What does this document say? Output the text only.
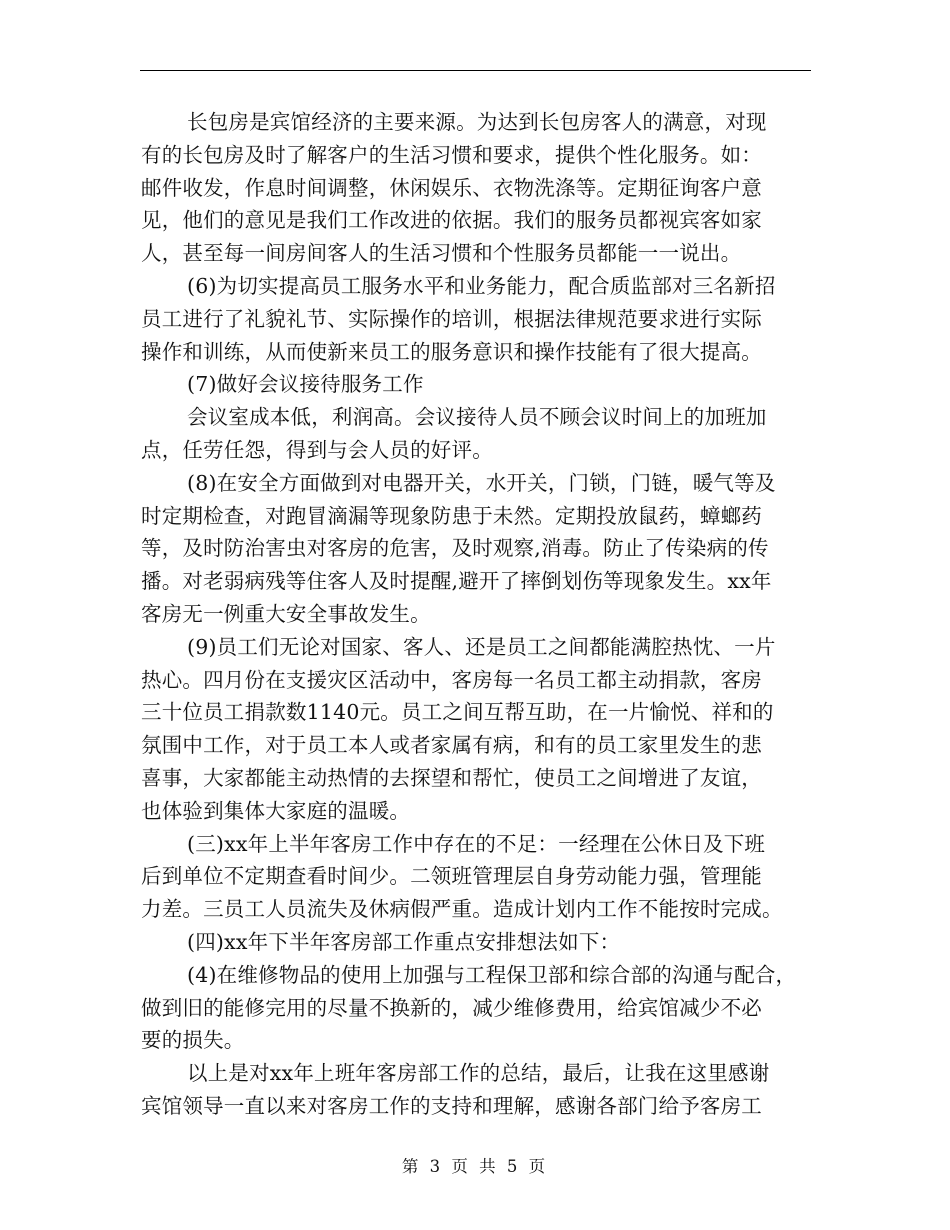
长包房是宾馆经济的主要来源。为达到长包房客人的满意，对现
有的长包房及时了解客户的生活习惯和要求，提供个性化服务。如：
邮件收发，作息时间调整，休闲娱乐、衣物洗涤等。定期征询客户意
见，他们的意见是我们工作改进的依据。我们的服务员都视宾客如家
人，甚至每一间房间客人的生活习惯和个性服务员都能一一说出。
(6)为切实提高员工服务水平和业务能力，配合质监部对三名新招
员工进行了礼貌礼节、实际操作的培训，根据法律规范要求进行实际
操作和训练，从而使新来员工的服务意识和操作技能有了很大提高。
(7)做好会议接待服务工作
会议室成本低，利润高。会议接待人员不顾会议时间上的加班加
点，任劳任怨，得到与会人员的好评。
(8)在安全方面做到对电器开关，水开关，门锁，门链，暖气等及
时定期检查，对跑冒滴漏等现象防患于未然。定期投放鼠药，蟑螂药
等，及时防治害虫对客房的危害，及时观察,消毒。防止了传染病的传
播。对老弱病残等住客人及时提醒,避开了摔倒划伤等现象发生。xx年
客房无一例重大安全事故发生。
(9)员工们无论对国家、客人、还是员工之间都能满腔热忱、一片
热心。四月份在支援灾区活动中，客房每一名员工都主动捐款，客房
三十位员工捐款数1140元。员工之间互帮互助，在一片愉悦、祥和的
氛围中工作，对于员工本人或者家属有病，和有的员工家里发生的悲
喜事，大家都能主动热情的去探望和帮忙，使员工之间增进了友谊，
也体验到集体大家庭的温暖。
(三)xx年上半年客房工作中存在的不足：一经理在公休日及下班
后到单位不定期查看时间少。二领班管理层自身劳动能力强，管理能
力差。三员工人员流失及休病假严重。造成计划内工作不能按时完成。
(四)xx年下半年客房部工作重点安排想法如下：
(4)在维修物品的使用上加强与工程保卫部和综合部的沟通与配合，
做到旧的能修完用的尽量不换新的，减少维修费用，给宾馆减少不必
要的损失。
以上是对xx年上班年客房部工作的总结，最后，让我在这里感谢
宾馆领导一直以来对客房工作的支持和理解，感谢各部门给予客房工
第 3 页 共 5 页
